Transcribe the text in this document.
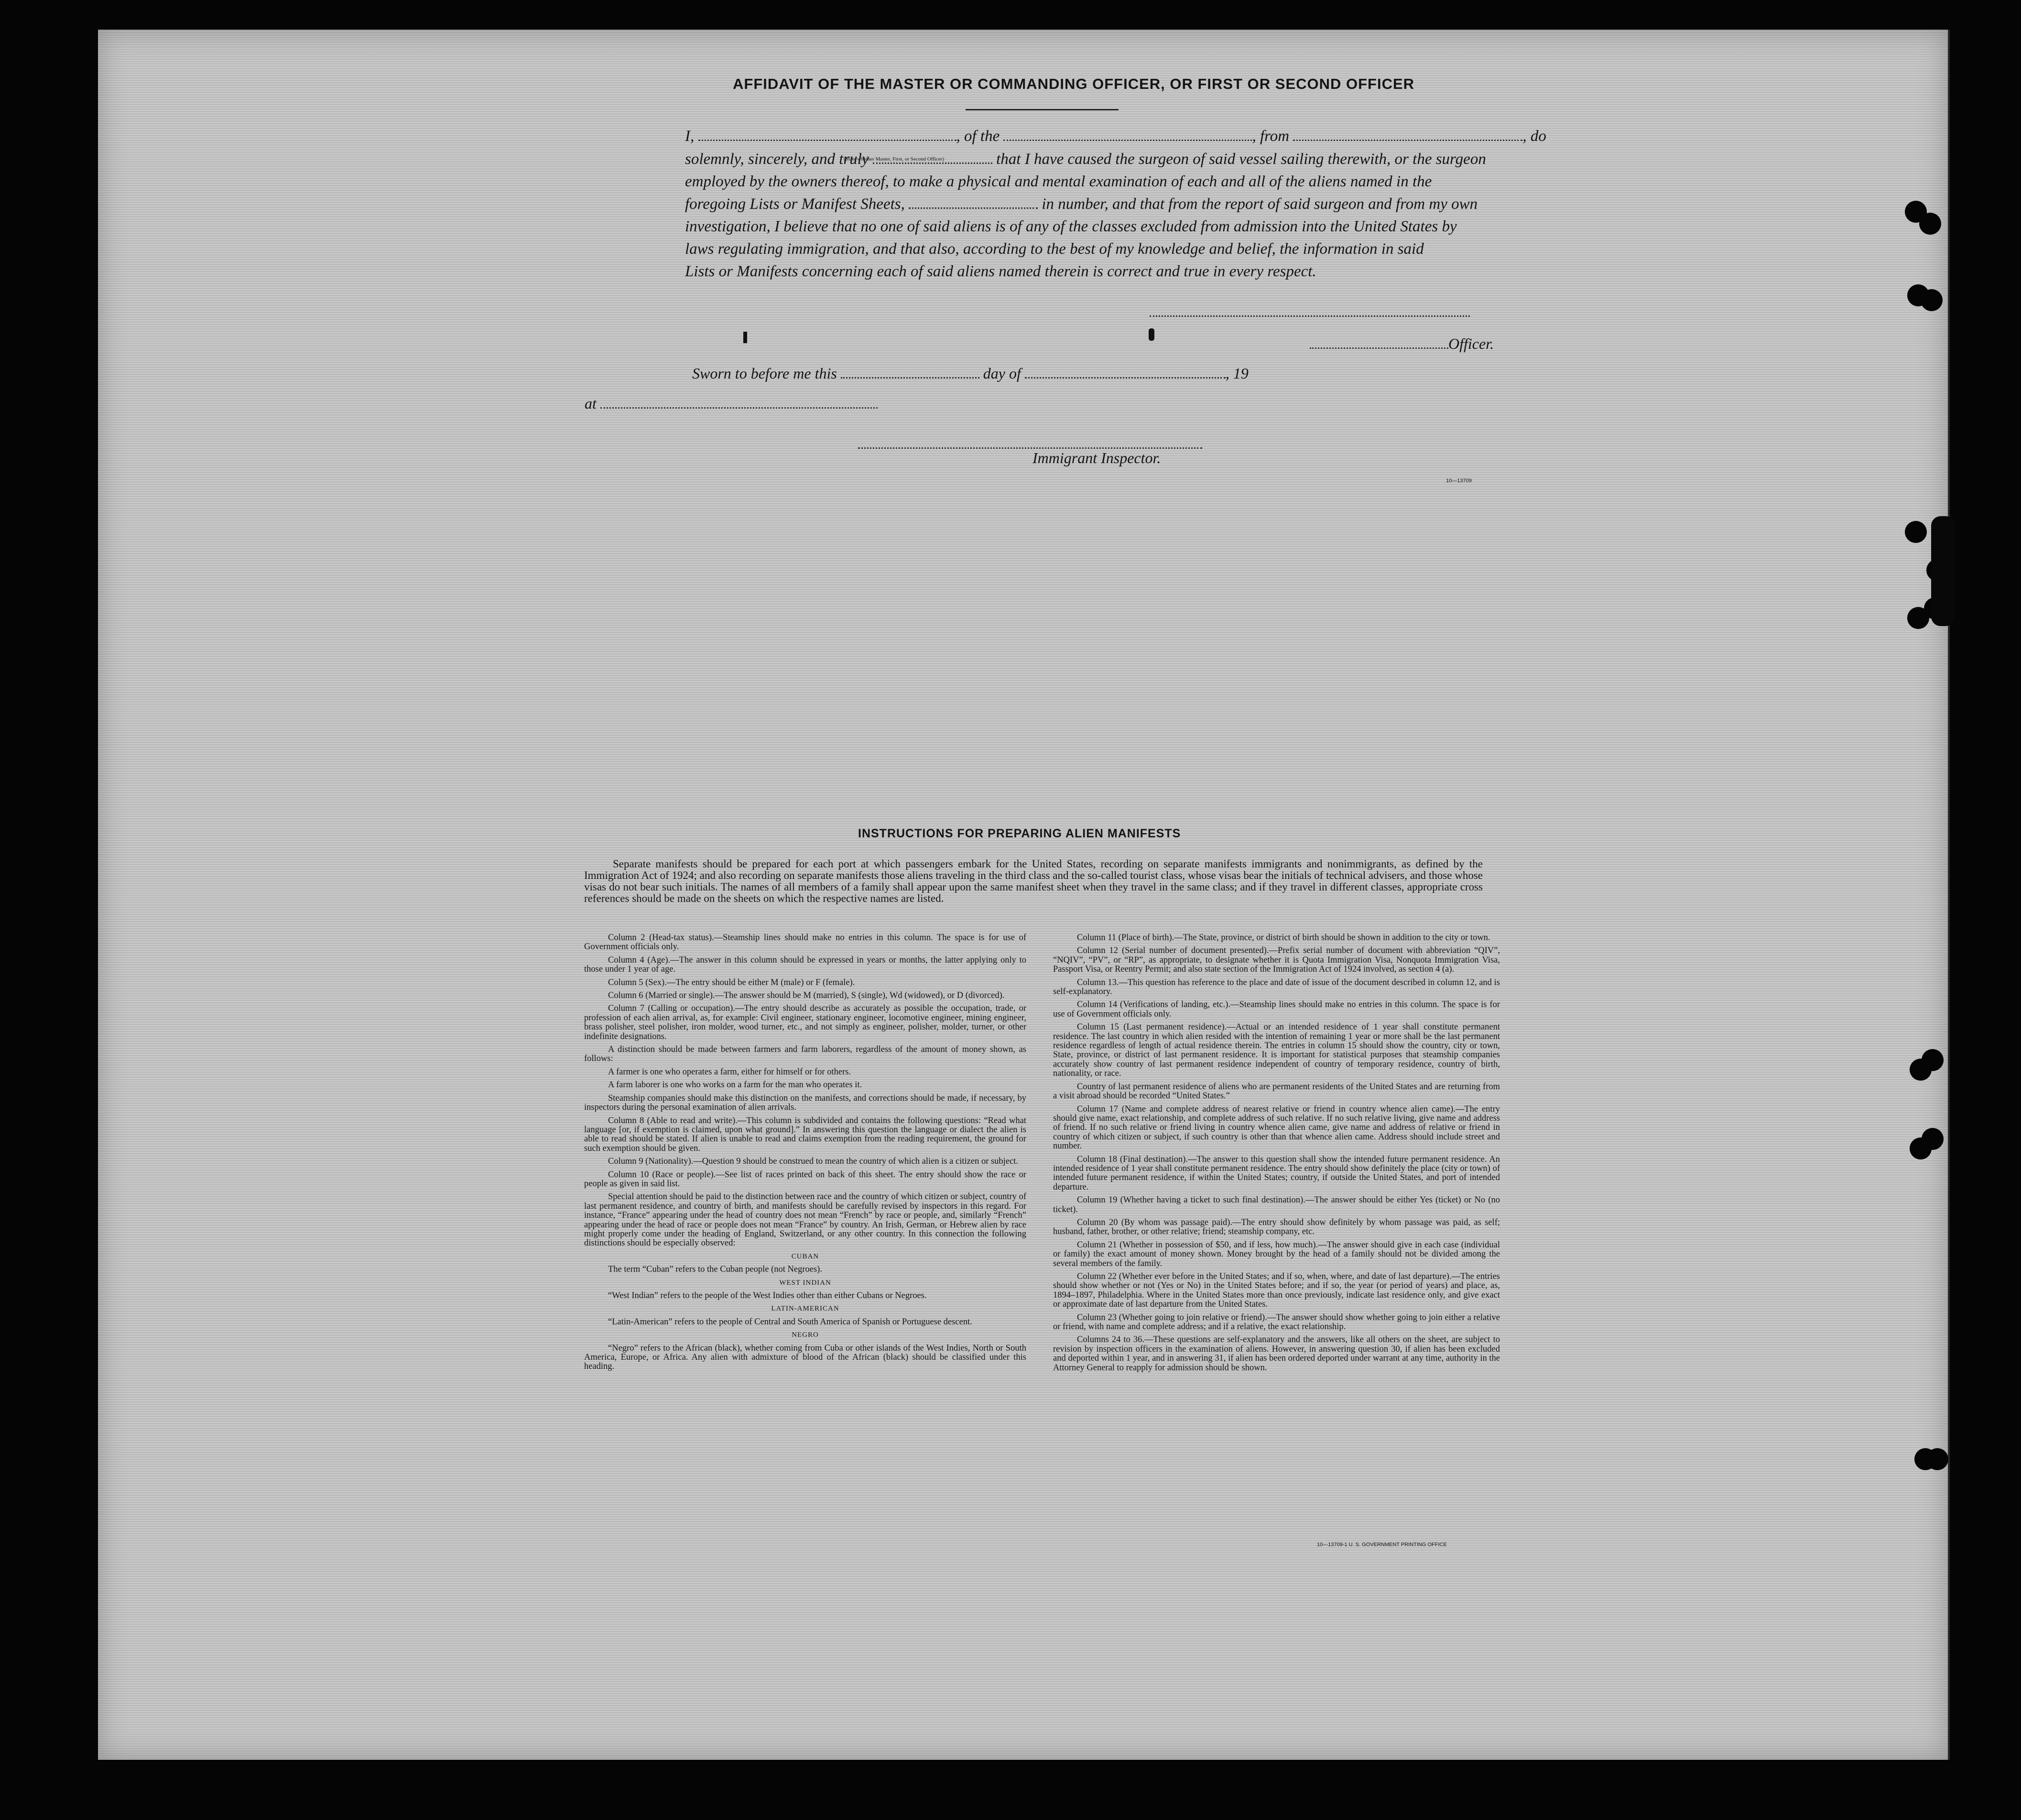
AFFIDAVIT OF THE MASTER OR COMMANDING OFFICER, OR FIRST OR SECOND OFFICER
I,	, of the	, from	, do
(State whether Master, First, or Second Officer)
solemnly, sincerely, and truly	that I have caused the surgeon of said vessel sailing therewith, or the surgeon
employed by the owners thereof, to make a physical and mental examination of each and all of the aliens named in the
foregoing Lists or Manifest Sheets,	in number, and that from the report of said surgeon and from my own
investigation, I believe that no one of said aliens is of any of the classes excluded from admission into the United States by
laws regulating immigration, and that also, according to the best of my knowledge and belief, the information in said
Lists or Manifests concerning each of said aliens named therein is correct and true in every respect.
Officer.
Sworn to before me this	day of	, 19
at
Immigrant Inspector.
10—13709
INSTRUCTIONS FOR PREPARING ALIEN MANIFESTS
Separate manifests should be prepared for each port at which passengers embark for the United States, recording on separate manifests immigrants and nonimmigrants, as defined by the Immigration Act of 1924; and also recording on separate manifests those aliens traveling in the third class and the so-called tourist class, whose visas bear the initials of technical advisers, and those whose visas do not bear such initials. The names of all members of a family shall appear upon the same manifest sheet when they travel in the same class; and if they travel in different classes, appropriate cross references should be made on the sheets on which the respective names are listed.

Column 2 (Head-tax status).—Steamship lines should make no entries in this column. The space is for use of Government officials only.

Column 4 (Age).—The answer in this column should be expressed in years or months, the latter applying only to those under 1 year of age.

Column 5 (Sex).—The entry should be either M (male) or F (female).

Column 6 (Married or single).—The answer should be M (married), S (single), Wd (widowed), or D (divorced).

Column 7 (Calling or occupation).—The entry should describe as accurately as possible the occupation, trade, or profession of each alien arrival, as, for example: Civil engineer, stationary engineer, locomotive engineer, mining engineer, brass polisher, steel polisher, iron molder, wood turner, etc., and not simply as engineer, polisher, molder, turner, or other indefinite designations.

A distinction should be made between farmers and farm laborers, regardless of the amount of money shown, as follows:

A farmer is one who operates a farm, either for himself or for others.

A farm laborer is one who works on a farm for the man who operates it.

Steamship companies should make this distinction on the manifests, and corrections should be made, if necessary, by inspectors during the personal examination of alien arrivals.

Column 8 (Able to read and write).—This column is subdivided and contains the following questions: “Read what language [or, if exemption is claimed, upon what ground].” In answering this question the language or dialect the alien is able to read should be stated. If alien is unable to read and claims exemption from the reading requirement, the ground for such exemption should be given.

Column 9 (Nationality).—Question 9 should be construed to mean the country of which alien is a citizen or subject.

Column 10 (Race or people).—See list of races printed on back of this sheet. The entry should show the race or people as given in said list.

Special attention should be paid to the distinction between race and the country of which citizen or subject, country of last permanent residence, and country of birth, and manifests should be carefully revised by inspectors in this regard. For instance, “France” appearing under the head of country does not mean “French” by race or people, and, similarly “French” appearing under the head of race or people does not mean “France” by country. An Irish, German, or Hebrew alien by race might properly come under the heading of England, Switzerland, or any other country. In this connection the following distinctions should be especially observed:

CUBAN

The term “Cuban” refers to the Cuban people (not Negroes).

WEST INDIAN

“West Indian” refers to the people of the West Indies other than either Cubans or Negroes.

LATIN-AMERICAN

“Latin-American” refers to the people of Central and South America of Spanish or Portuguese descent.

NEGRO

“Negro” refers to the African (black), whether coming from Cuba or other islands of the West Indies, North or South America, Europe, or Africa. Any alien with admixture of blood of the African (black) should be classified under this heading.

Column 11 (Place of birth).—The State, province, or district of birth should be shown in addition to the city or town.

Column 12 (Serial number of document presented).—Prefix serial number of document with abbreviation “QIV”, “NQIV”, “PV”, or “RP”, as appropriate, to designate whether it is Quota Immigration Visa, Nonquota Immigration Visa, Passport Visa, or Reentry Permit; and also state section of the Immigration Act of 1924 involved, as section 4 (a).

Column 13.—This question has reference to the place and date of issue of the document described in column 12, and is self-explanatory.

Column 14 (Verifications of landing, etc.).—Steamship lines should make no entries in this column. The space is for use of Government officials only.

Column 15 (Last permanent residence).—Actual or an intended residence of 1 year shall constitute permanent residence. The last country in which alien resided with the intention of remaining 1 year or more shall be the last permanent residence regardless of length of actual residence therein. The entries in column 15 should show the country, city or town, State, province, or district of last permanent residence. It is important for statistical purposes that steamship companies accurately show country of last permanent residence independent of country of temporary residence, country of birth, nationality, or race.

Country of last permanent residence of aliens who are permanent residents of the United States and are returning from a visit abroad should be recorded “United States.”

Column 17 (Name and complete address of nearest relative or friend in country whence alien came).—The entry should give name, exact relationship, and complete address of such relative. If no such relative living, give name and address of friend. If no such relative or friend living in country whence alien came, give name and address of relative or friend in country of which citizen or subject, if such country is other than that whence alien came. Address should include street and number.

Column 18 (Final destination).—The answer to this question shall show the intended future permanent residence. An intended residence of 1 year shall constitute permanent residence. The entry should show definitely the place (city or town) of intended future permanent residence, if within the United States; country, if outside the United States, and port of intended departure.

Column 19 (Whether having a ticket to such final destination).—The answer should be either Yes (ticket) or No (no ticket).

Column 20 (By whom was passage paid).—The entry should show definitely by whom passage was paid, as self; husband, father, brother, or other relative; friend; steamship company, etc.

Column 21 (Whether in possession of $50, and if less, how much).—The answer should give in each case (individual or family) the exact amount of money shown. Money brought by the head of a family should not be divided among the several members of the family.

Column 22 (Whether ever before in the United States; and if so, when, where, and date of last departure).—The entries should show whether or not (Yes or No) in the United States before; and if so, the year (or period of years) and place, as, 1894–1897, Philadelphia. Where in the United States more than once previously, indicate last residence only, and give exact or approximate date of last departure from the United States.

Column 23 (Whether going to join relative or friend).—The answer should show whether going to join either a relative or friend, with name and complete address; and if a relative, the exact relationship.

Columns 24 to 36.—These questions are self-explanatory and the answers, like all others on the sheet, are subject to revision by inspection officers in the examination of aliens. However, in answering question 30, if alien has been excluded and deported within 1 year, and in answering 31, if alien has been ordered deported under warrant at any time, authority in the Attorney General to reapply for admission should be shown.

10—13709-1 U. S. GOVERNMENT PRINTING OFFICE
